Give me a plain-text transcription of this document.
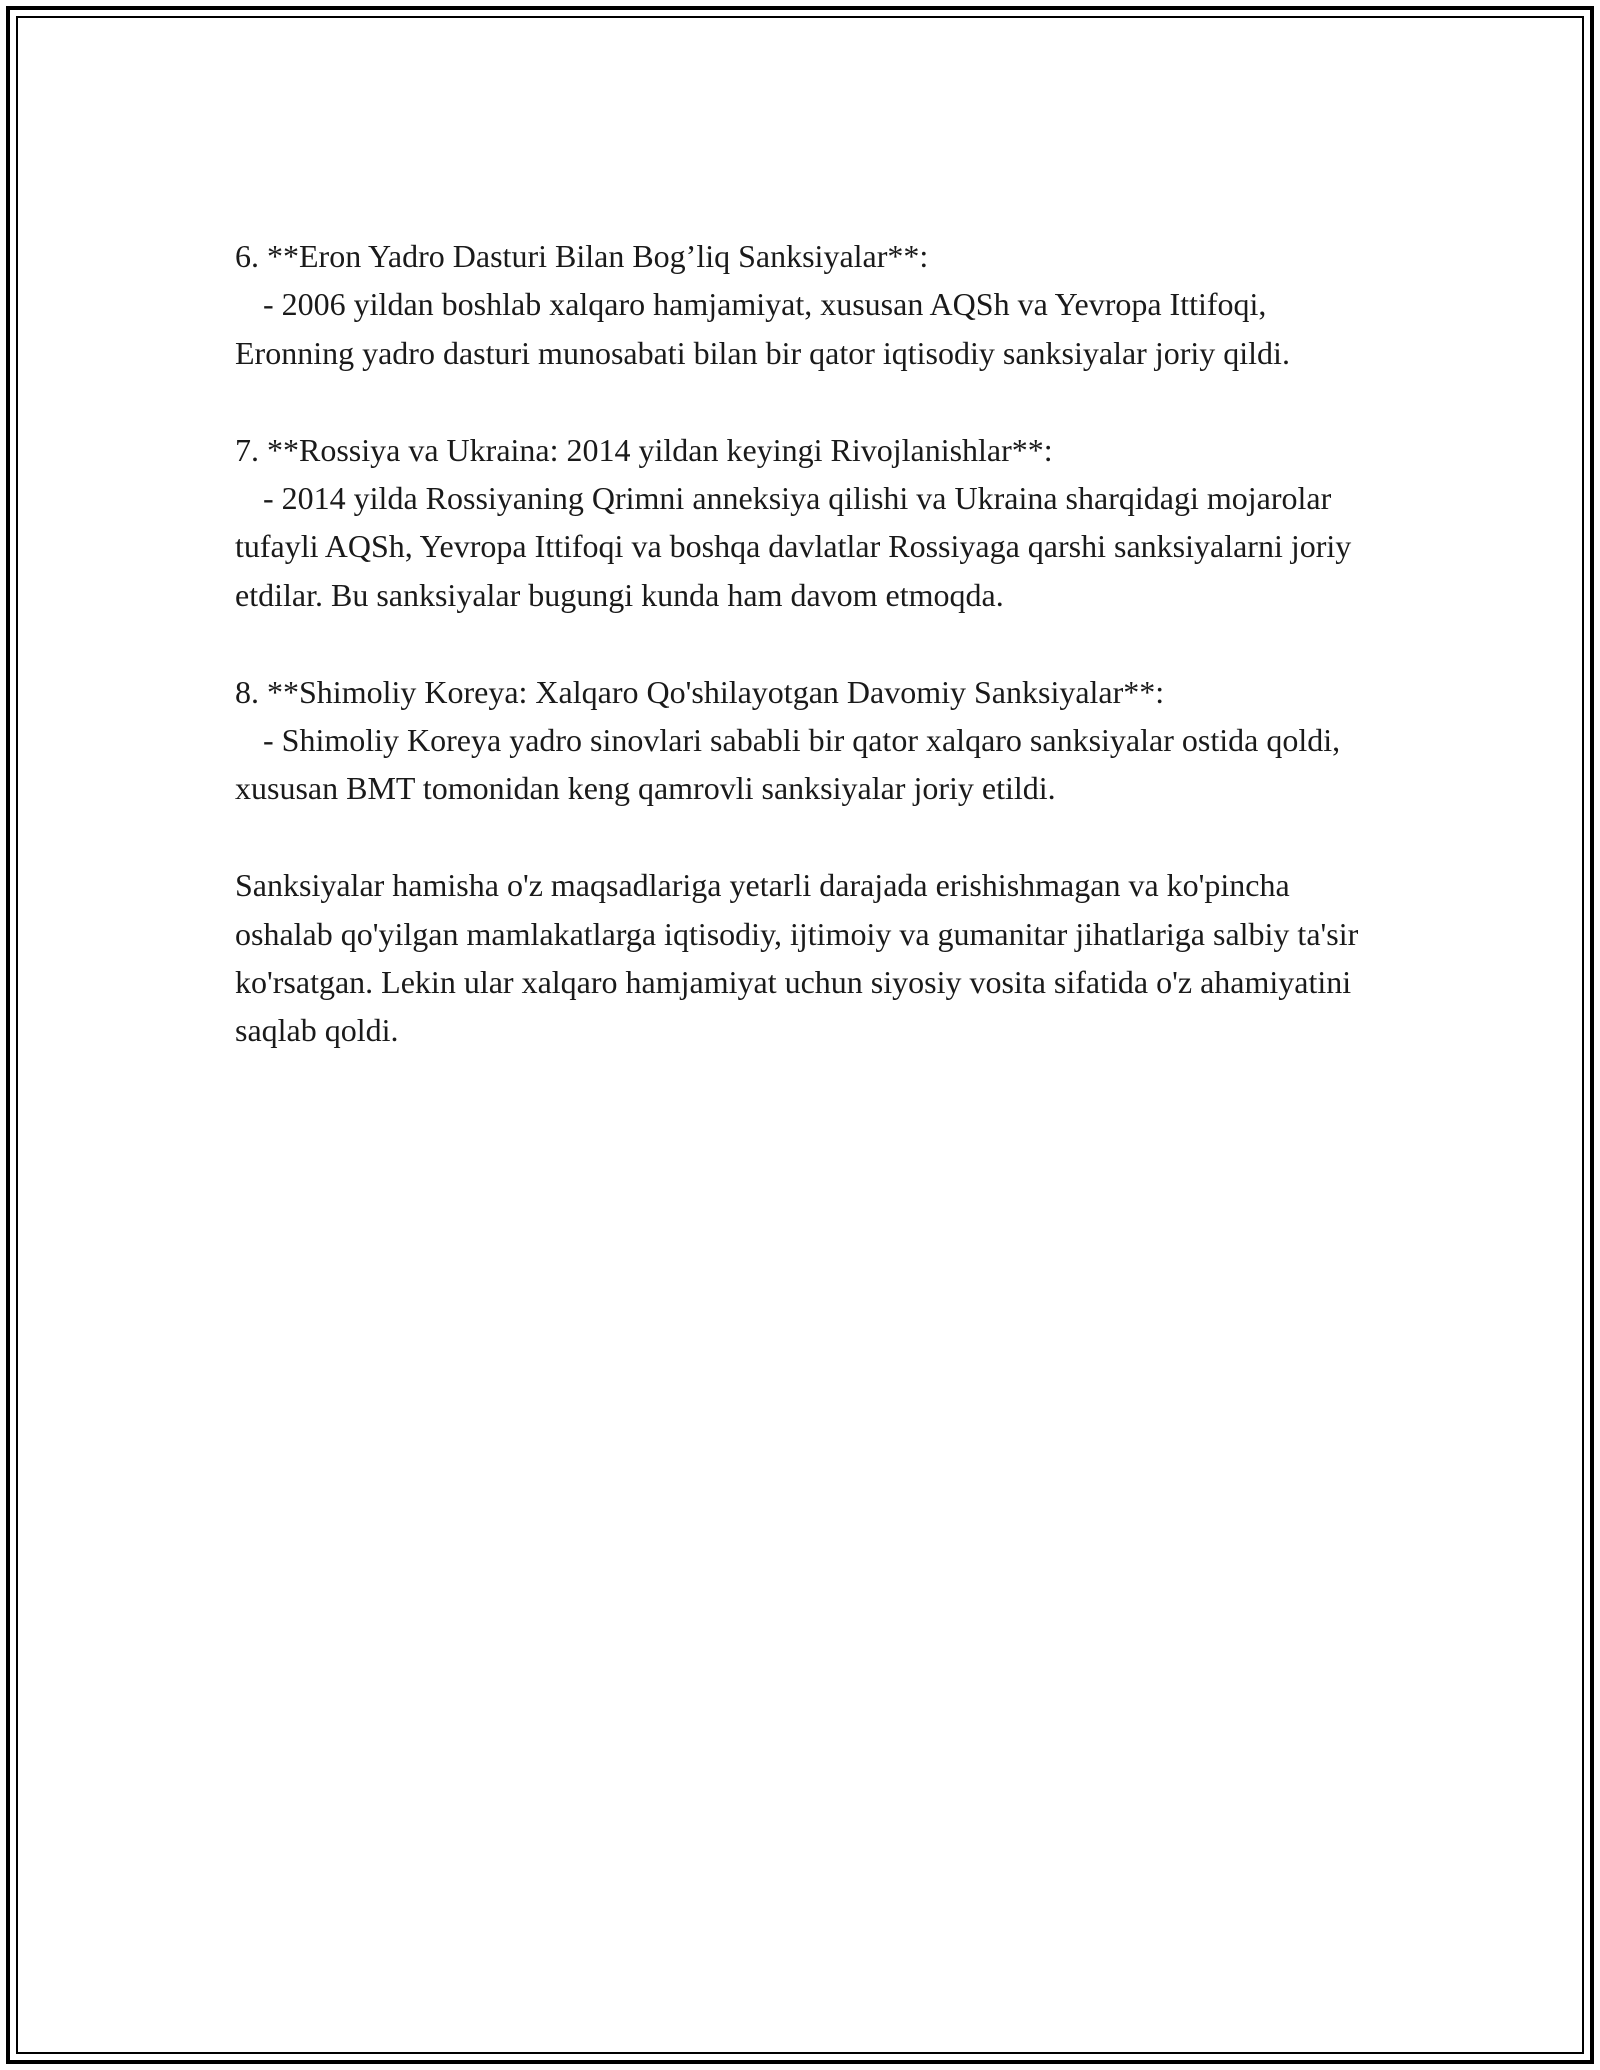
6. **Eron Yadro Dasturi Bilan Bog’liq Sanksiyalar**:
- 2006 yildan boshlab xalqaro hamjamiyat, xususan AQSh va Yevropa Ittifoqi, Eronning yadro dasturi munosabati bilan bir qator iqtisodiy sanksiyalar joriy qildi.

7. **Rossiya va Ukraina: 2014 yildan keyingi Rivojlanishlar**:
- 2014 yilda Rossiyaning Qrimni anneksiya qilishi va Ukraina sharqidagi mojarolar tufayli AQSh, Yevropa Ittifoqi va boshqa davlatlar Rossiyaga qarshi sanksiyalarni joriy etdilar. Bu sanksiyalar bugungi kunda ham davom etmoqda.

8. **Shimoliy Koreya: Xalqaro Qo'shilayotgan Davomiy Sanksiyalar**:
- Shimoliy Koreya yadro sinovlari sababli bir qator xalqaro sanksiyalar ostida qoldi, xususan BMT tomonidan keng qamrovli sanksiyalar joriy etildi.

Sanksiyalar hamisha o'z maqsadlariga yetarli darajada erishishmagan va ko'pincha oshalab qo'yilgan mamlakatlarga iqtisodiy, ijtimoiy va gumanitar jihatlariga salbiy ta'sir ko'rsatgan. Lekin ular xalqaro hamjamiyat uchun siyosiy vosita sifatida o'z ahamiyatini saqlab qoldi.
